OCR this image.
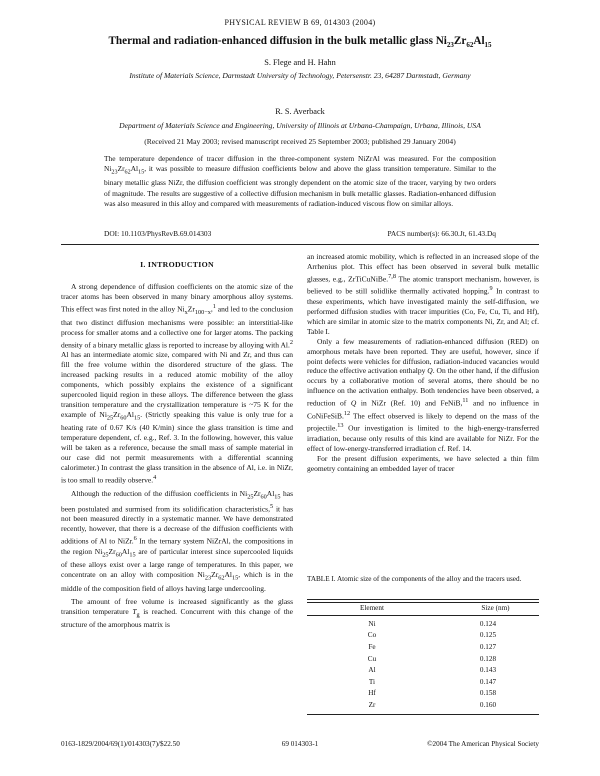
PHYSICAL REVIEW B 69, 014303 (2004)
Thermal and radiation-enhanced diffusion in the bulk metallic glass $Ni_{23}Zr_{62}Al_{15}$
S. Flege and H. Hahn
Institute of Materials Science, Darmstadt University of Technology, Petersenstr. 23, 64287 Darmstadt, Germany
R. S. Averback
Department of Materials Science and Engineering, University of Illinois at Urbana-Champaign, Urbana, Illinois, USA
(Received 21 May 2003; revised manuscript received 25 September 2003; published 29 January 2004)
The temperature dependence of tracer diffusion in the three-component system NiZrAl was measured. For the composition $Ni_{23}Zr_{62}Al_{15}$, it was possible to measure diffusion coefficients below and above the glass transition temperature. Similar to the binary metallic glass NiZr, the diffusion coefficient was strongly dependent on the atomic size of the tracer, varying by two orders of magnitude. The results are suggestive of a collective diffusion mechanism in bulk metallic glasses. Radiation-enhanced diffusion was also measured in this alloy and compared with measurements of radiation-induced viscous flow on similar alloys.
DOI: 10.1103/PhysRevB.69.014303	PACS number(s): 66.30.Jt, 61.43.Dq
I. INTRODUCTION

A strong dependence of diffusion coefficients on the atomic size of the tracer atoms has been observed in many binary amorphous alloy systems. This effect was first noted in the alloy $Ni_xZr_{100-x},^1$ and led to the conclusion that two distinct diffusion mechanisms were possible: an interstitial-like process for smaller atoms and a collective one for larger atoms. The packing density of a binary metallic glass is reported to increase by alloying with Al.$^2$ Al has an intermediate atomic size, compared with Ni and Zr, and thus can fill the free volume within the disordered structure of the glass. The increased packing results in a reduced atomic mobility of the alloy components, which possibly explains the existence of a significant supercooled liquid region in these alloys. The difference between the glass transition temperature and the crystallization temperature is ~75 K for the example of $Ni_{25}Zr_{60}Al_{15}$. (Strictly speaking this value is only true for a heating rate of 0.67 K/s (40 K/min) since the glass transition is time and temperature dependent, cf. e.g., Ref. 3. In the following, however, this value will be taken as a reference, because the small mass of sample material in our case did not permit measurements with a differential scanning calorimeter.) In contrast the glass transition in the absence of Al, i.e. in NiZr, is too small to readily observe.$^4$

Although the reduction of the diffusion coefficients in $Ni_{25}Zr_{60}Al_{15}$ has been postulated and surmised from its solidification characteristics,$^5$ it has not been measured directly in a systematic manner. We have demonstrated recently, however, that there is a decrease of the diffusion coefficients with additions of Al to NiZr.$^6$ In the ternary system NiZrAl, the compositions in the region $Ni_{25}Zr_{60}Al_{15}$ are of particular interest since supercooled liquids of these alloys exist over a large range of temperatures. In this paper, we concentrate on an alloy with composition $Ni_{23}Zr_{62}Al_{15}$, which is in the middle of the composition field of alloys having large undercooling.

The amount of free volume is increased significantly as the glass transition temperature $T_g$ is reached. Concurrent with this change of the structure of the amorphous matrix is

an increased atomic mobility, which is reflected in an increased slope of the Arrhenius plot. This effect has been observed in several bulk metallic glasses, e.g., ZrTiCuNiBe.$^{7,8}$ The atomic transport mechanism, however, is believed to be still solidlike thermally activated hopping.$^9$ In contrast to these experiments, which have investigated mainly the self-diffusion, we performed diffusion studies with tracer impurities (Co, Fe, Cu, Ti, and Hf), which are similar in atomic size to the matrix components Ni, Zr, and Al; cf. Table I.

Only a few measurements of radiation-enhanced diffusion (RED) on amorphous metals have been reported. They are useful, however, since if point defects were vehicles for diffusion, radiation-induced vacancies would reduce the effective activation enthalpy Q. On the other hand, if the diffusion occurs by a collaborative motion of several atoms, there should be no influence on the activation enthalpy. Both tendencies have been observed, a reduction of Q in NiZr (Ref. 10) and FeNiB,$^{11}$ and no influence in CoNiFeSiB.$^{12}$ The effect observed is likely to depend on the mass of the projectile.$^{13}$ Our investigation is limited to the high-energy-transferred irradiation, because only results of this kind are available for NiZr. For the effect of low-energy-transferred irradiation cf. Ref. 14.

For the present diffusion experiments, we have selected a thin film geometry containing an embedded layer of tracer

TABLE I. Atomic size of the components of the alloy and the tracers used.
Element	Size (nm)
Ni	0.124
Co	0.125
Fe	0.127
Cu	0.128
Al	0.143
Ti	0.147
Hf	0.158
Zr	0.160
0163-1829/2004/69(1)/014303(7)/$22.50	69 014303-1	©2004 The American Physical Society
